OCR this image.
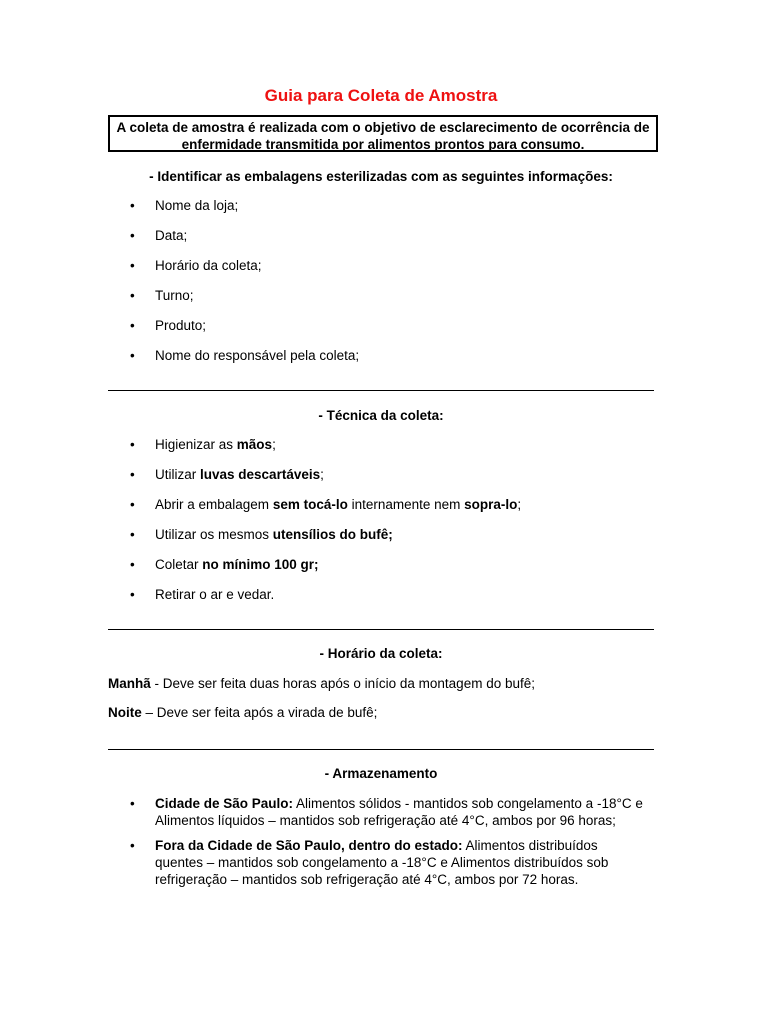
Guia para Coleta de Amostra
A coleta de amostra é realizada com o objetivo de esclarecimento de ocorrência de enfermidade transmitida por alimentos prontos para consumo.
- Identificar as embalagens esterilizadas com as seguintes informações:
• Nome da loja;
• Data;
• Horário da coleta;
• Turno;
• Produto;
• Nome do responsável pela coleta;
- Técnica da coleta:
• Higienizar as mãos;
• Utilizar luvas descartáveis;
• Abrir a embalagem sem tocá-lo internamente nem sopra-lo;
• Utilizar os mesmos utensílios do bufê;
• Coletar no mínimo 100 gr;
• Retirar o ar e vedar.
- Horário da coleta:
Manhã - Deve ser feita duas horas após o início da montagem do bufê;
Noite – Deve ser feita após a virada de bufê;
- Armazenamento
• Cidade de São Paulo: Alimentos sólidos - mantidos sob congelamento a -18°C e Alimentos líquidos – mantidos sob refrigeração até 4°C, ambos por 96 horas;
• Fora da Cidade de São Paulo, dentro do estado: Alimentos distribuídos quentes – mantidos sob congelamento a -18°C e Alimentos distribuídos sob refrigeração – mantidos sob refrigeração até 4°C, ambos por 72 horas.
